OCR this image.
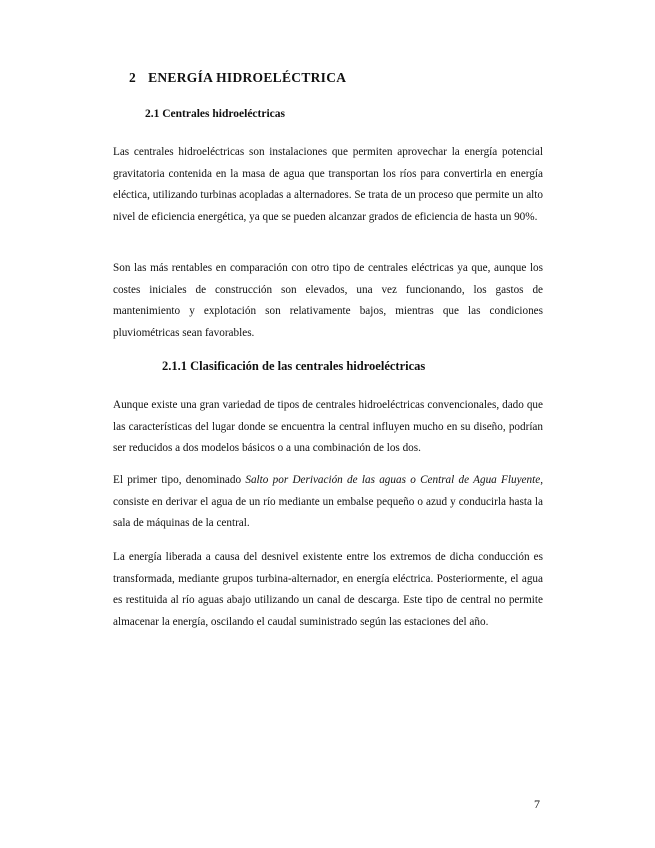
2 ENERGÍA HIDROELÉCTRICA
2.1 Centrales hidroeléctricas

Las centrales hidroeléctricas son instalaciones que permiten aprovechar la energía potencial gravitatoria contenida en la masa de agua que transportan los ríos para convertirla en energía eléctica, utilizando turbinas acopladas a alternadores. Se trata de un proceso que permite un alto nivel de eficiencia energética, ya que se pueden alcanzar grados de eficiencia de hasta un 90%.

Son las más rentables en comparación con otro tipo de centrales eléctricas ya que, aunque los costes iniciales de construcción son elevados, una vez funcionando, los gastos de mantenimiento y explotación son relativamente bajos, mientras que las condiciones pluviométricas sean favorables.

2.1.1 Clasificación de las centrales hidroeléctricas

Aunque existe una gran variedad de tipos de centrales hidroeléctricas convencionales, dado que las características del lugar donde se encuentra la central influyen mucho en su diseño, podrían ser reducidos a dos modelos básicos o a una combinación de los dos.

El primer tipo, denominado Salto por Derivación de las aguas o Central de Agua Fluyente, consiste en derivar el agua de un río mediante un embalse pequeño o azud y conducirla hasta la sala de máquinas de la central.

La energía liberada a causa del desnivel existente entre los extremos de dicha conducción es transformada, mediante grupos turbina-alternador, en energía eléctrica. Posteriormente, el agua es restituida al río aguas abajo utilizando un canal de descarga. Este tipo de central no permite almacenar la energía, oscilando el caudal suministrado según las estaciones del año.

7
